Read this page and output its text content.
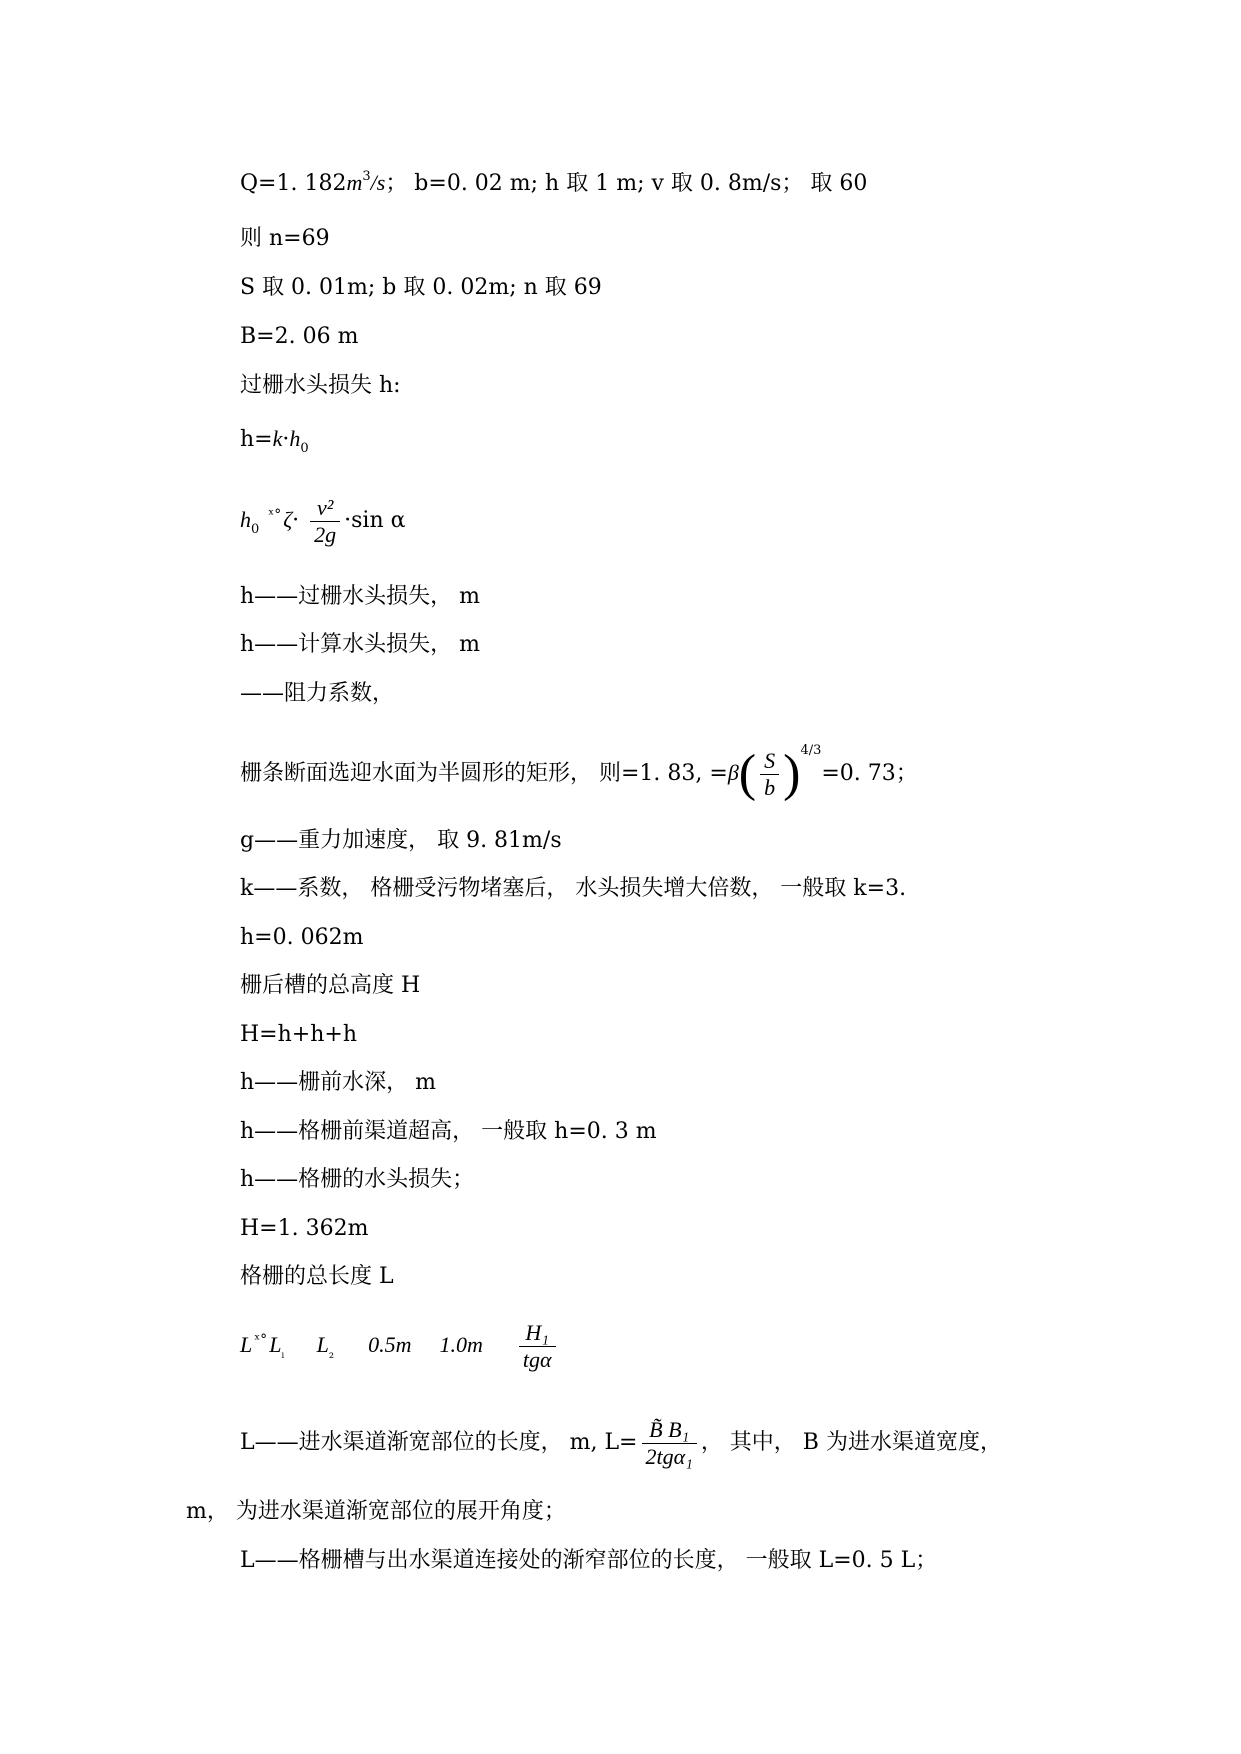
Q=1. $182m^3/s$； b=0. 02 m; h 取 1 m; v 取 0. 8m/s； 取 60
则 n=69
S 取 0. 01m; b 取 0. 02m; n 取 69
B=2. 06 m
过栅水头损失 h:
$h=k\cdot h_0$
$h_0$ $^{ˣ^\circ}\zeta\cdot \frac{\text{v²}}{2g} \cdot\sin$ α
h——过栅水头损失， m
h——计算水头损失， m
——阻力系数，
栅条断面选迎水面为半圆形的矩形， 则=1. 83, $=\beta( \frac{S}{b} )^{4/3}=0$. 73；
g——重力加速度， 取 9. 81m/s
k——系数， 格栅受污物堵塞后， 水头损失增大倍数， 一般取 k=3.
h=0. 062m
栅后槽的总高度 H
H=h+h+h
h——栅前水深， m
h——格栅前渠道超高， 一般取 h=0. 3 m
h——格栅的水头损失；
H=1. 362m
格栅的总长度 L
L $^{ˣ^\circ}L_{_l}$ $L_{_2}$ 0.5m $1.0m \frac{\text{H₁}}{\text{tgα}}$
L——进水渠道渐宽部位的长度， m, $L= \frac{\text{B̃ B₁}}{\text{2tgα₁}}$ ， 其中， B 为进水渠道宽度，
m， 为进水渠道渐宽部位的展开角度；
L——格栅槽与出水渠道连接处的渐窄部位的长度， 一般取 L=0. 5 L；
